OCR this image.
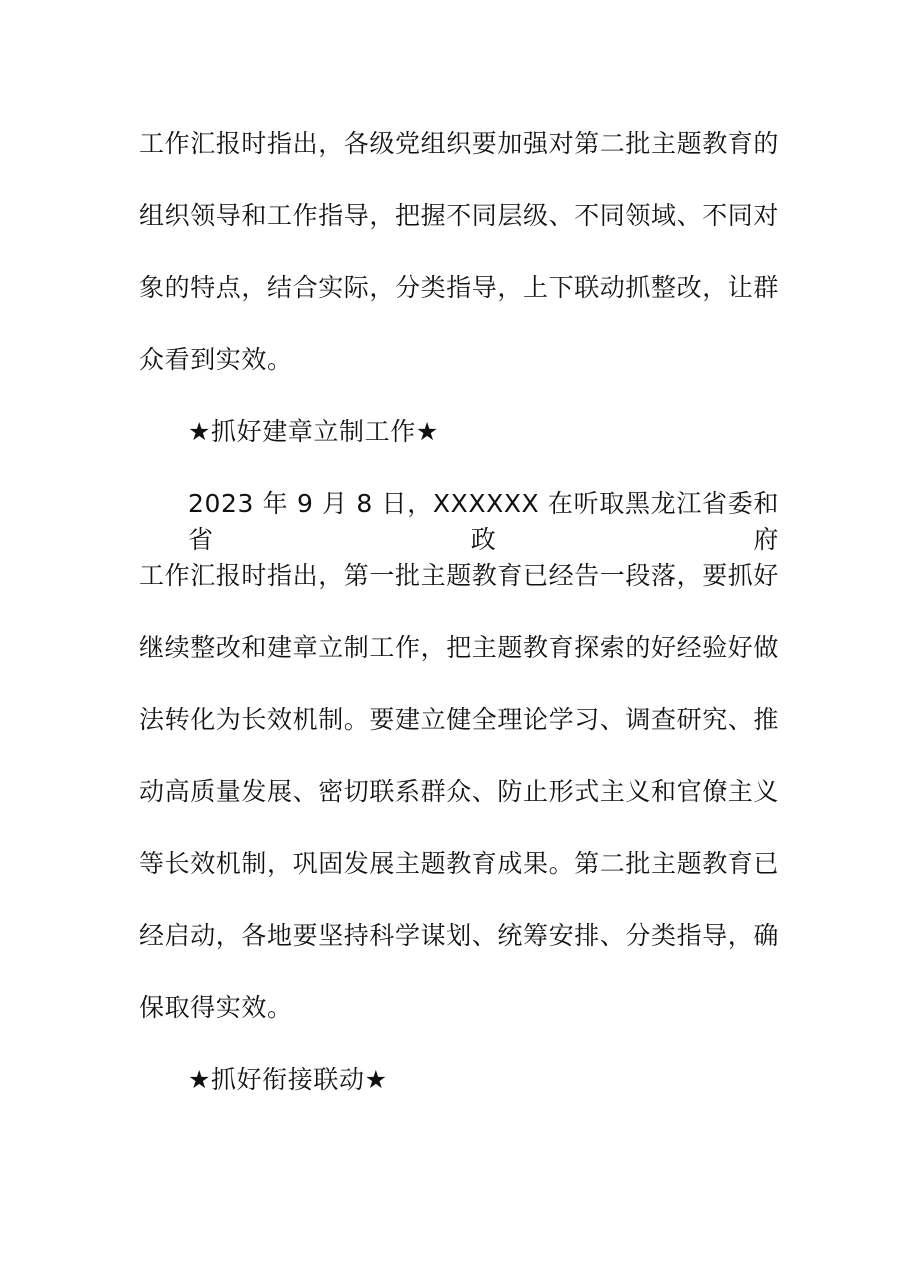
工作汇报时指出，各级党组织要加强对第二批主题教育的
组织领导和工作指导，把握不同层级、不同领域、不同对
象的特点，结合实际，分类指导，上下联动抓整改，让群
众看到实效。
★抓好建章立制工作★
2023 年 9 月 8 日，XXXXXX 在听取黑龙江省委和省政府
工作汇报时指出，第一批主题教育已经告一段落，要抓好
继续整改和建章立制工作，把主题教育探索的好经验好做
法转化为长效机制。要建立健全理论学习、调查研究、推
动高质量发展、密切联系群众、防止形式主义和官僚主义
等长效机制，巩固发展主题教育成果。第二批主题教育已
经启动，各地要坚持科学谋划、统筹安排、分类指导，确
保取得实效。
★抓好衔接联动★
